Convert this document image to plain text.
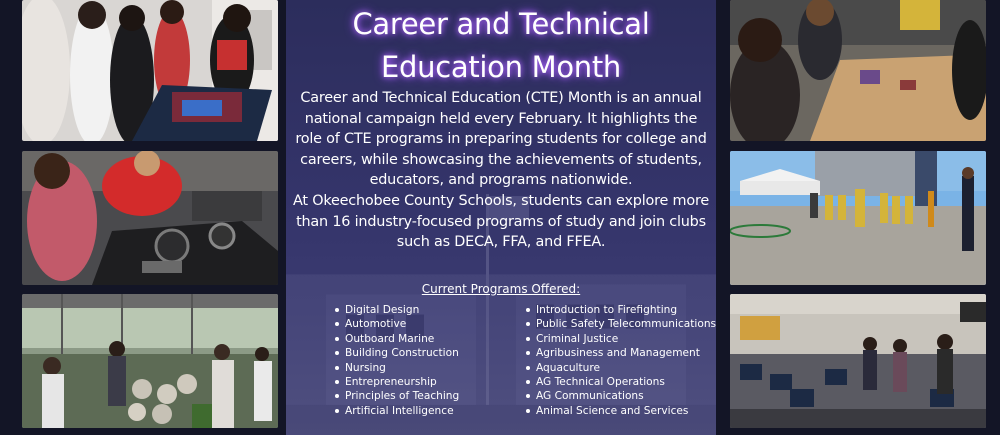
Career and Technical
Education Month

Career and Technical Education (CTE) Month is an annual national campaign held every February. It highlights the role of CTE programs in preparing students for college and careers, while showcasing the achievements of students, educators, and programs nationwide.

At Okeechobee County Schools, students can explore more than 16 industry-focused programs of study and join clubs such as DECA, FFA, and FFEA.

Current Programs Offered:
Digital Design
Automotive
Outboard Marine
Building Construction
Nursing
Entrepreneurship
Principles of Teaching
Artificial Intelligence
Introduction to Firefighting
Public Safety Telecommunications
Criminal Justice
Agribusiness and Management
Aquaculture
AG Technical Operations
AG Communications
Animal Science and Services
